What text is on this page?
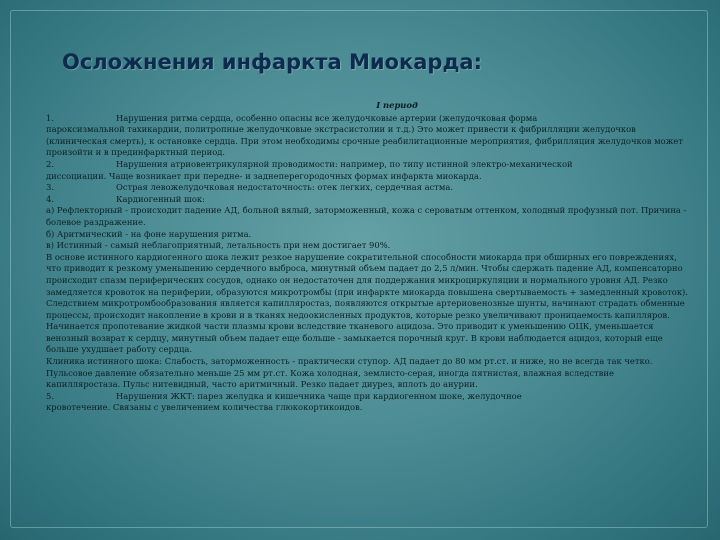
Осложнения инфаркта Миокарда:
I период
1.	Нарушения ритма сердца, особенно опасны все желудочковые артерии (желудочковая форма

пароксизмальной тахикардии, политропные желудочковые экстрасистолии и т.д.) Это может привести к фибрилляции желудочков (клиническая смерть), к остановке сердца. При этом необходимы срочные реабилитационные мероприятия, фибрилляция желудочков может произойти и в прединфарктный период.

2.	Нарушения атриовентрикулярной проводимости: например, по типу истинной электро-механической

диссоциации. Чаще возникает при передне- и заднеперегородочных формах инфаркта миокарда.

3.	Острая левожелудочковая недостаточность: отек легких, сердечная астма.
4.	Кардиогенный шок:

а) Рефлекторный - происходит падение АД, больной вялый, заторможенный, кожа с сероватым оттенком, холодный профузный пот. Причина - болевое раздражение.

б) Аритмический - на фоне нарушения ритма.

в) Истинный - самый неблагоприятный, летальность при нем достигает 90%.

В основе истинного кардиогенного шока лежит резкое нарушение сократительной способности миокарда при обширных его повреждениях, что приводит к резкому уменьшению сердечного выброса, минутный объем падает до 2,5 л/мин. Чтобы сдержать падение АД, компенсаторно происходит спазм периферических сосудов, однако он недостаточен для поддержания микроциркуляции и нормального уровня АД. Резко замедляется кровоток на периферии, образуются микротромбы (при инфаркте миокарда повышена свертываемость + замедленный кровоток). Следствием микротромбообразования является капилляростаз, появляются открытые артериовенозные шунты, начинают страдать обменные процессы, происходит накопление в крови и в тканях недоокисленных продуктов, которые резко увеличивают проницаемость капилляров. Начинается пропотевание жидкой части плазмы крови вследствие тканевого ацидоза. Это приводит к уменьшению ОЦК, уменьшается венозный возврат к сердцу, минутный объем падает еще больше - замыкается порочный круг. В крови наблюдается ацидоз, который еще больше ухудшает работу сердца.

Клиника истинного шока: Слабость, заторможенность - практически ступор. АД падает до 80 мм рт.ст. и ниже, но не всегда так четко. Пульсовое давление обязательно меньше 25 мм рт.ст. Кожа холодная, землисто-серая, иногда пятнистая, влажная вследствие капилляростаза. Пульс нитевидный, часто аритмичный. Резко падает диурез, вплоть до анурии.

5.	Нарушения ЖКТ: парез желудка и кишечника чаще при кардиогенном шоке, желудочное

кровотечение. Связаны с увеличением количества глюкокортикоидов.
